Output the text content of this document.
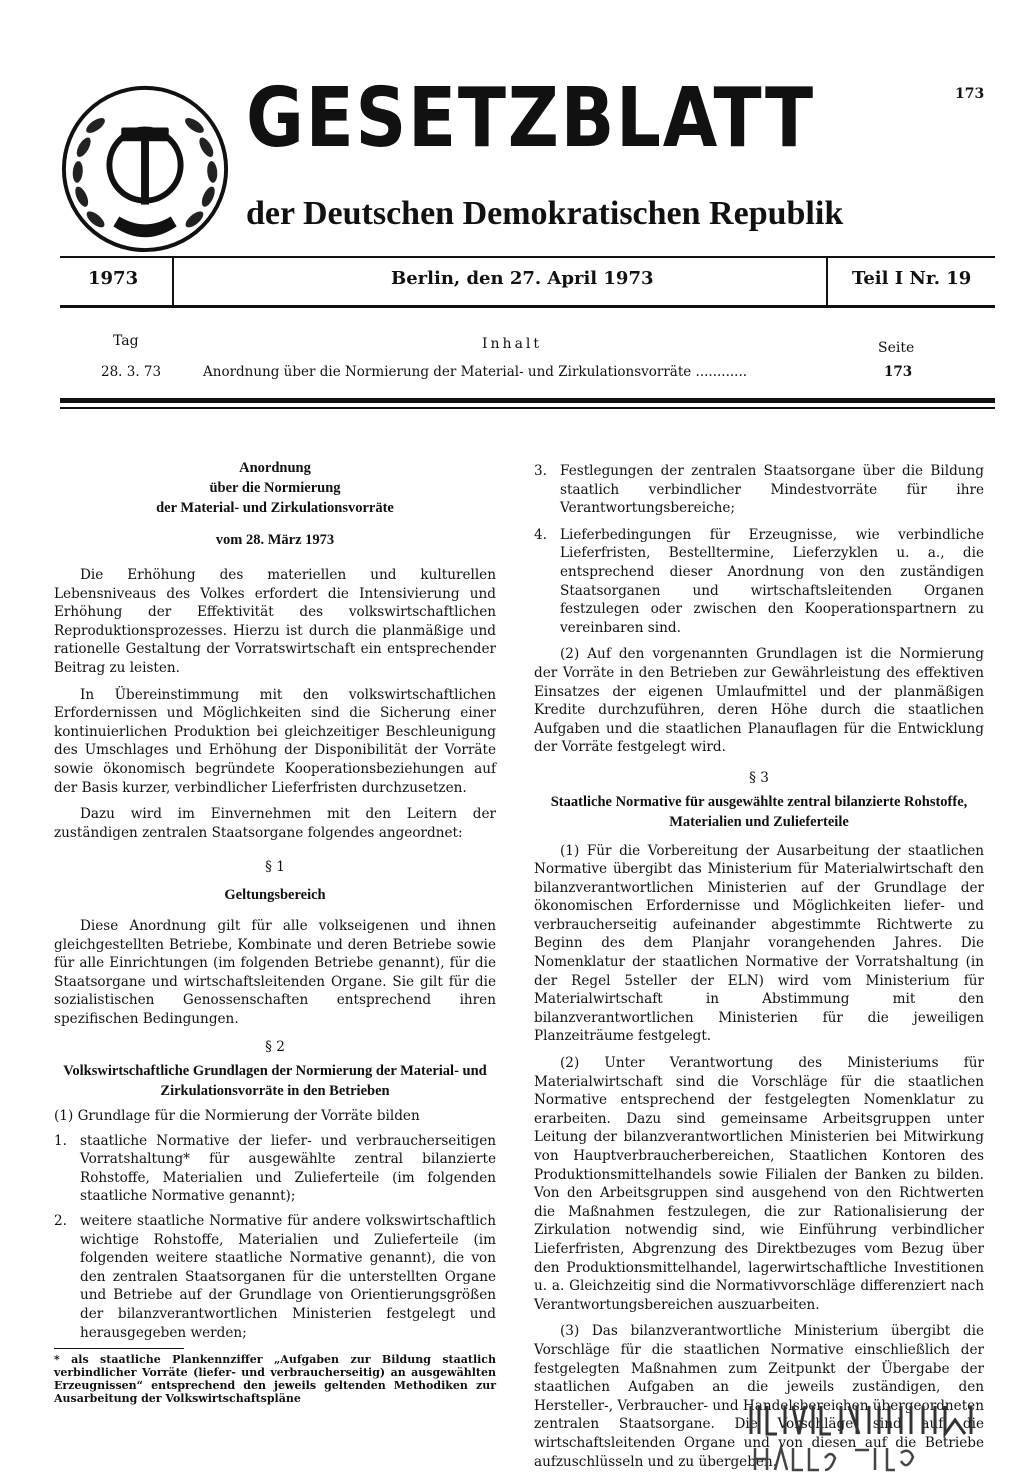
GESETZBLATT
der Deutschen Demokratischen Republik
173
1973	Berlin, den 27. April 1973	Teil I Nr. 19
Tag	Inhalt	Seite
28. 3. 73	Anordnung über die Normierung der Material- und Zirkulationsvorräte ............	173
Anordnung
über die Normierung
der Material- und Zirkulationsvorräte
vom 28. März 1973

Die Erhöhung des materiellen und kulturellen Lebensniveaus des Volkes erfordert die Intensivierung und Erhöhung der Effektivität des volkswirtschaftlichen Reproduktionsprozesses. Hierzu ist durch die planmäßige und rationelle Gestaltung der Vorratswirtschaft ein entsprechender Beitrag zu leisten.

In Übereinstimmung mit den volkswirtschaftlichen Erfordernissen und Möglichkeiten sind die Sicherung einer kontinuierlichen Produktion bei gleichzeitiger Beschleunigung des Umschlages und Erhöhung der Disponibilität der Vorräte sowie ökonomisch begründete Kooperationsbeziehungen auf der Basis kurzer, verbindlicher Lieferfristen durchzusetzen.

Dazu wird im Einvernehmen mit den Leitern der zuständigen zentralen Staatsorgane folgendes angeordnet:

§ 1
Geltungsbereich

Diese Anordnung gilt für alle volkseigenen und ihnen gleichgestellten Betriebe, Kombinate und deren Betriebe sowie für alle Einrichtungen (im folgenden Betriebe genannt), für die Staatsorgane und wirtschaftsleitenden Organe. Sie gilt für die sozialistischen Genossenschaften entsprechend ihren spezifischen Bedingungen.

§ 2
Volkswirtschaftliche Grundlagen der Normierung der Material- und Zirkulationsvorräte in den Betrieben

(1) Grundlage für die Normierung der Vorräte bilden

1. staatliche Normative der liefer- und verbraucherseitigen Vorratshaltung* für ausgewählte zentral bilanzierte Rohstoffe, Materialien und Zulieferteile (im folgenden staatliche Normative genannt);
2. weitere staatliche Normative für andere volkswirtschaftlich wichtige Rohstoffe, Materialien und Zulieferteile (im folgenden weitere staatliche Normative genannt), die von den zentralen Staatsorganen für die unterstellten Organe und Betriebe auf der Grundlage von Orientierungsgrößen der bilanzverantwortlichen Ministerien festgelegt und herausgegeben werden;
* als staatliche Plankennziffer „Aufgaben zur Bildung staatlich verbindlicher Vorräte (liefer- und verbraucherseitig) an ausgewählten Erzeugnissen“ entsprechend den jeweils geltenden Methodiken zur Ausarbeitung der Volkswirtschaftspläne
3. Festlegungen der zentralen Staatsorgane über die Bildung staatlich verbindlicher Mindestvorräte für ihre Verantwortungsbereiche;
4. Lieferbedingungen für Erzeugnisse, wie verbindliche Lieferfristen, Bestelltermine, Lieferzyklen u. a., die entsprechend dieser Anordnung von den zuständigen Staatsorganen und wirtschaftsleitenden Organen festzulegen oder zwischen den Kooperationspartnern zu vereinbaren sind.

(2) Auf den vorgenannten Grundlagen ist die Normierung der Vorräte in den Betrieben zur Gewährleistung des effektiven Einsatzes der eigenen Umlaufmittel und der planmäßigen Kredite durchzuführen, deren Höhe durch die staatlichen Aufgaben und die staatlichen Planauflagen für die Entwicklung der Vorräte festgelegt wird.

§ 3
Staatliche Normative für ausgewählte zentral bilanzierte Rohstoffe, Materialien und Zulieferteile

(1) Für die Vorbereitung der Ausarbeitung der staatlichen Normative übergibt das Ministerium für Materialwirtschaft den bilanzverantwortlichen Ministerien auf der Grundlage der ökonomischen Erfordernisse und Möglichkeiten liefer- und verbraucherseitig aufeinander abgestimmte Richtwerte zu Beginn des dem Planjahr vorangehenden Jahres. Die Nomenklatur der staatlichen Normative der Vorratshaltung (in der Regel 5steller der ELN) wird vom Ministerium für Materialwirtschaft in Abstimmung mit den bilanzverantwortlichen Ministerien für die jeweiligen Planzeiträume festgelegt.

(2) Unter Verantwortung des Ministeriums für Materialwirtschaft sind die Vorschläge für die staatlichen Normative entsprechend der festgelegten Nomenklatur zu erarbeiten. Dazu sind gemeinsame Arbeitsgruppen unter Leitung der bilanzverantwortlichen Ministerien bei Mitwirkung von Hauptverbraucherbereichen, Staatlichen Kontoren des Produktionsmittelhandels sowie Filialen der Banken zu bilden. Von den Arbeitsgruppen sind ausgehend von den Richtwerten die Maßnahmen festzulegen, die zur Rationalisierung der Zirkulation notwendig sind, wie Einführung verbindlicher Lieferfristen, Abgrenzung des Direktbezuges vom Bezug über den Produktionsmittelhandel, lagerwirtschaftliche Investitionen u. a. Gleichzeitig sind die Normativvorschläge differenziert nach Verantwortungsbereichen auszuarbeiten.

(3) Das bilanzverantwortliche Ministerium übergibt die Vorschläge für die staatlichen Normative einschließlich der festgelegten Maßnahmen zum Zeitpunkt der Übergabe der staatlichen Aufgaben an die jeweils zuständigen, den Hersteller-, Verbraucher- und Handelsbereichen übergeordneten zentralen Staatsorgane. Die Vorschläge sind auf die wirtschaftsleitenden Organe und von diesen auf die Betriebe aufzuschlüsseln und zu übergeben.
